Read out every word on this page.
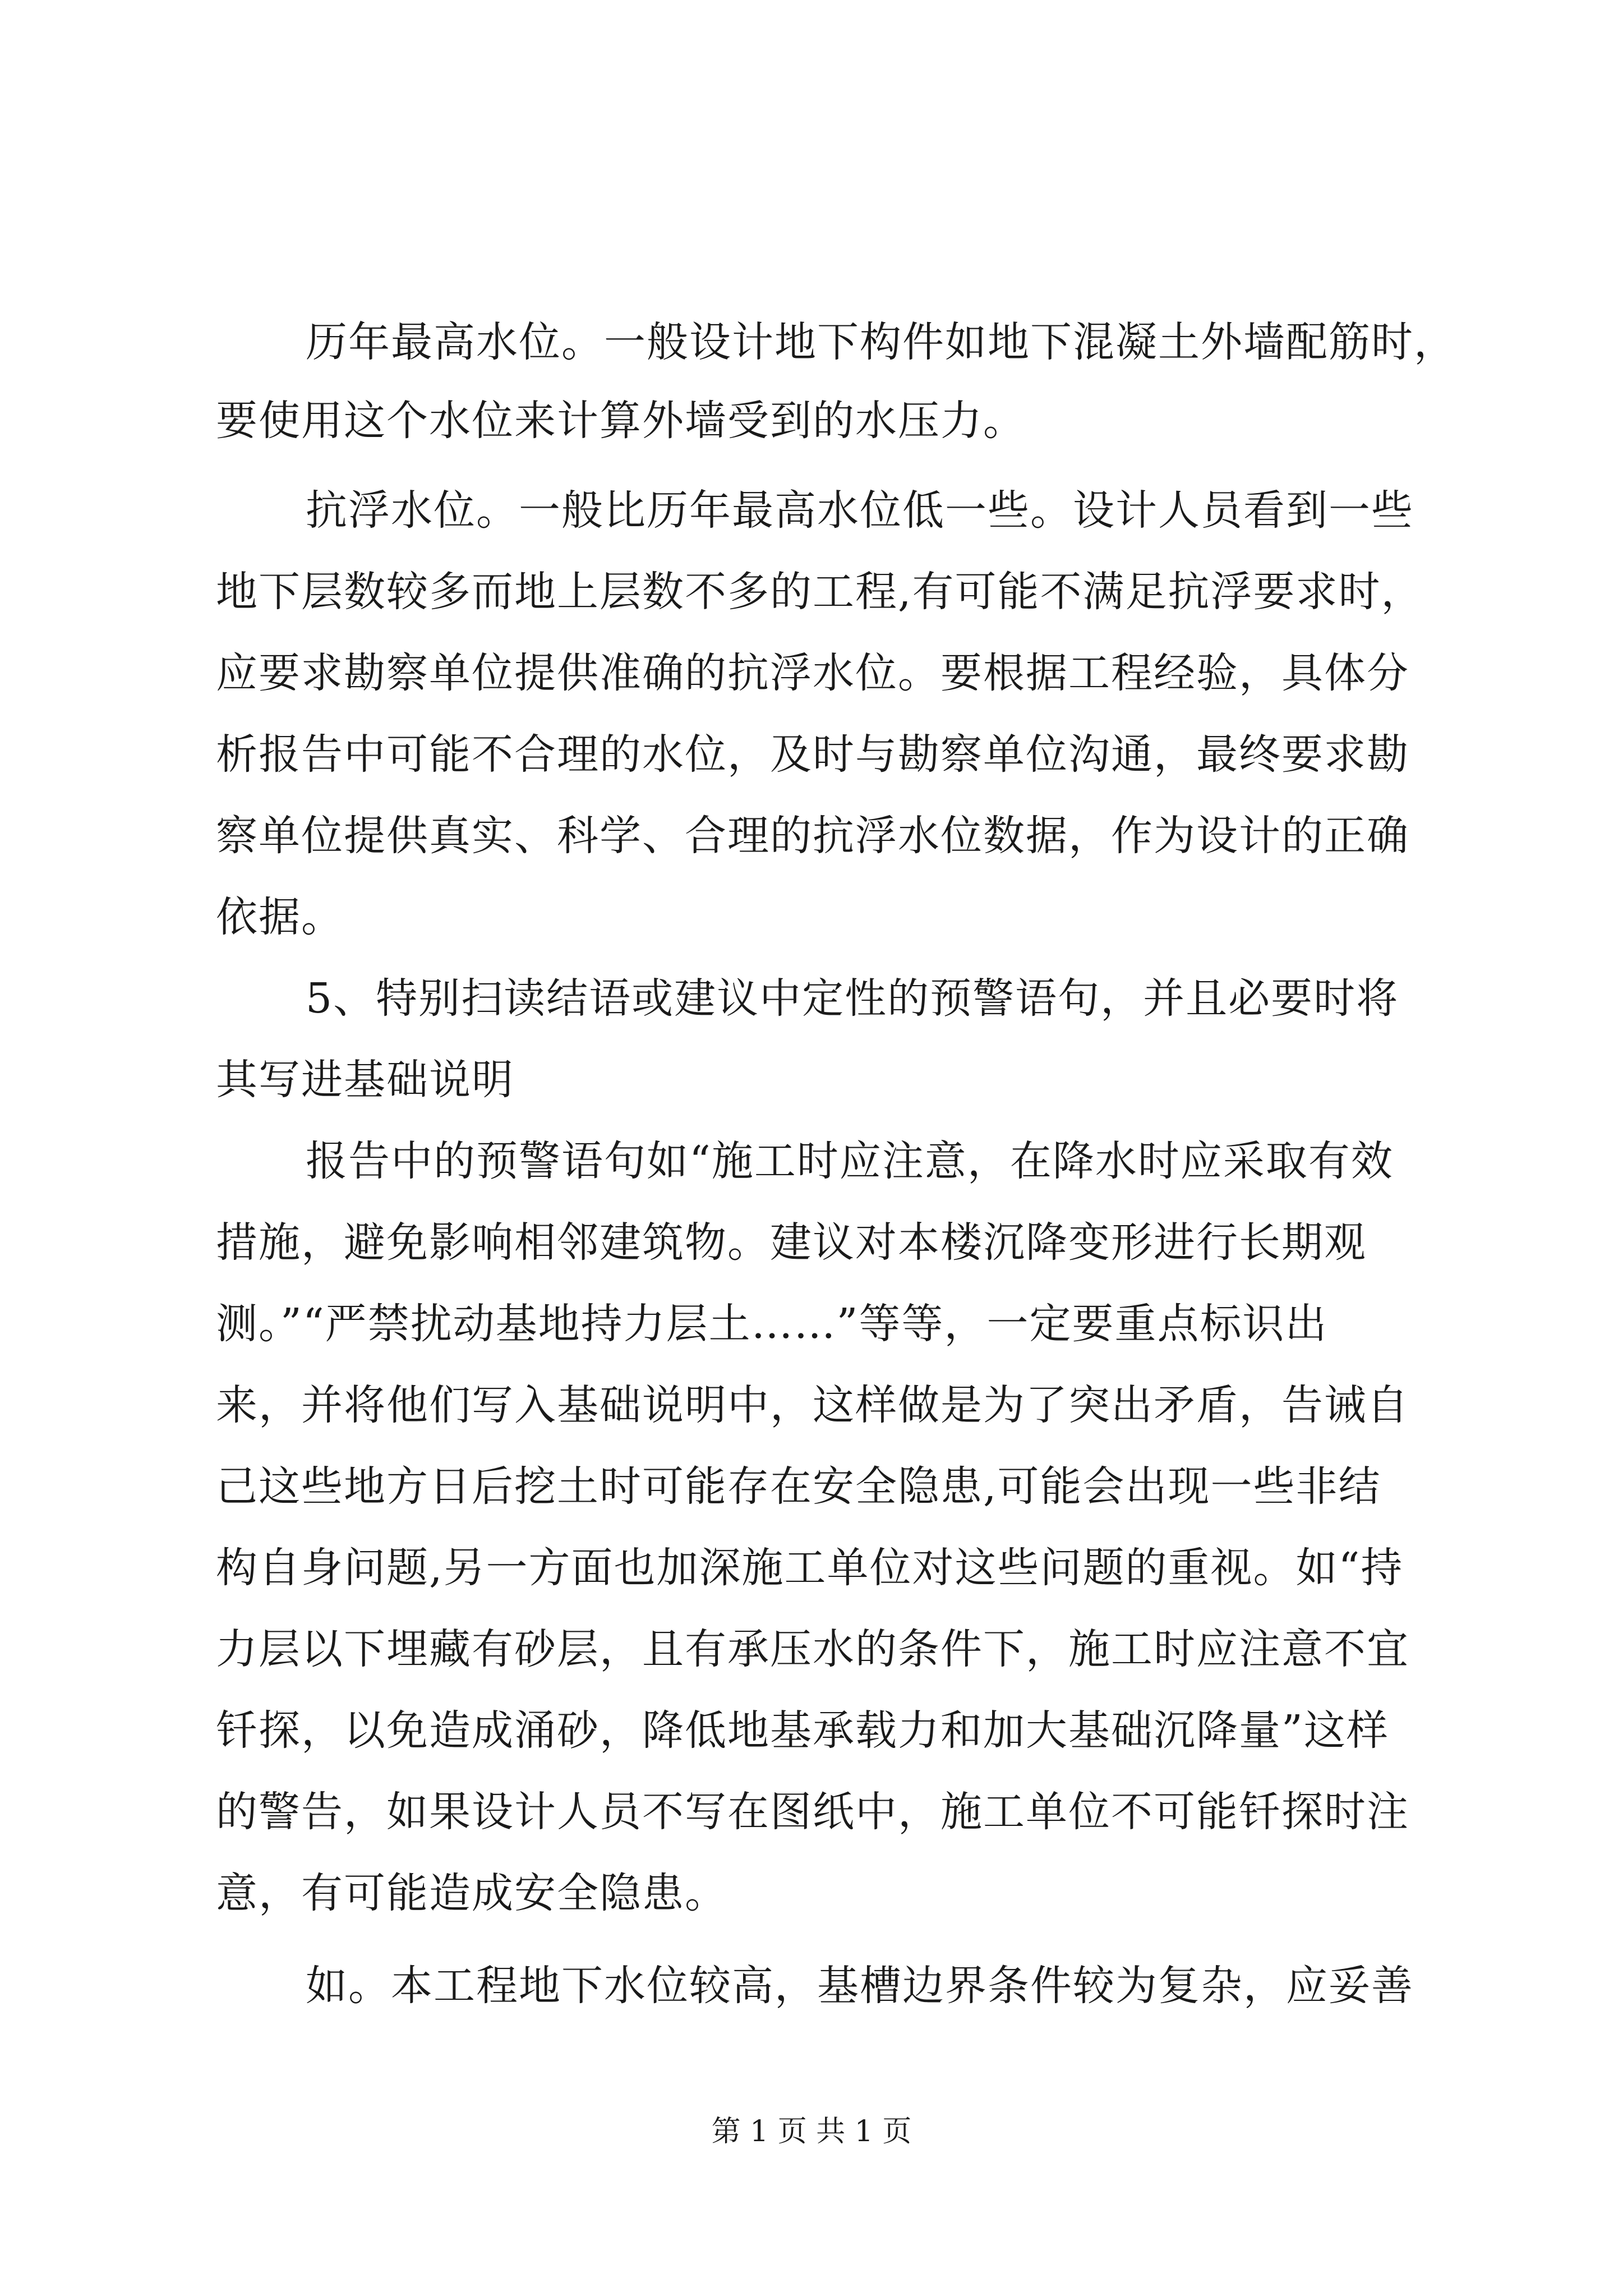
历年最高水位。一般设计地下构件如地下混凝土外墙配筋时，
要使用这个水位来计算外墙受到的水压力。
抗浮水位。一般比历年最高水位低一些。设计人员看到一些
地下层数较多而地上层数不多的工程,有可能不满足抗浮要求时，
应要求勘察单位提供准确的抗浮水位。要根据工程经验，具体分
析报告中可能不合理的水位，及时与勘察单位沟通，最终要求勘
察单位提供真实、科学、合理的抗浮水位数据，作为设计的正确
依据。
5、特别扫读结语或建议中定性的预警语句，并且必要时将
其写进基础说明
报告中的预警语句如“施工时应注意，在降水时应采取有效
措施，避免影响相邻建筑物。建议对本楼沉降变形进行长期观
测。”“严禁扰动基地持力层土……”等等，一定要重点标识出
来，并将他们写入基础说明中，这样做是为了突出矛盾，告诫自
己这些地方日后挖土时可能存在安全隐患,可能会出现一些非结
构自身问题,另一方面也加深施工单位对这些问题的重视。如“持
力层以下埋藏有砂层，且有承压水的条件下，施工时应注意不宜
钎探，以免造成涌砂，降低地基承载力和加大基础沉降量”这样
的警告，如果设计人员不写在图纸中，施工单位不可能钎探时注
意，有可能造成安全隐患。
如。本工程地下水位较高，基槽边界条件较为复杂，应妥善
第 1 页 共 1 页
